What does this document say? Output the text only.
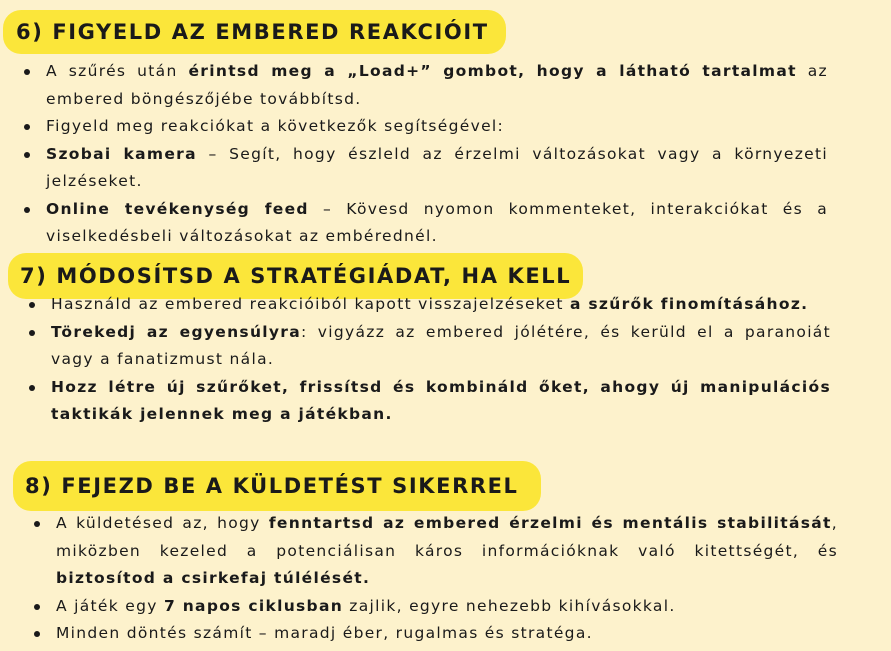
6) FIGYELD AZ EMBERED REAKCIÓIT
A szűrés után érintsd meg a „Load+” gombot, hogy a látható tartalmat az embered böngészőjébe továbbítsd.
Figyeld meg reakciókat a következők segítségével:
Szobai kamera – Segít, hogy észleld az érzelmi változásokat vagy a környezeti jelzéseket.
Online tevékenység feed – Kövesd nyomon kommenteket, interakciókat és a viselkedésbeli változásokat az embérednél.
7) MÓDOSÍTSD A STRATÉGIÁDAT, HA KELL
Használd az embered reakcióiból kapott visszajelzéseket a szűrők finomításához.
Törekedj az egyensúlyra: vigyázz az embered jólétére, és kerüld el a paranoiát vagy a fanatizmust nála.
Hozz létre új szűrőket, frissítsd és kombináld őket, ahogy új manipulációs taktikák jelennek meg a játékban.
8) FEJEZD BE A KÜLDETÉST SIKERREL
A küldetésed az, hogy fenntartsd az embered érzelmi és mentális stabilitását, miközben kezeled a potenciálisan káros információknak való kitettségét, és biztosítod a csirkefaj túlélését.
A játék egy 7 napos ciklusban zajlik, egyre nehezebb kihívásokkal.
Minden döntés számít – maradj éber, rugalmas és stratéga.
